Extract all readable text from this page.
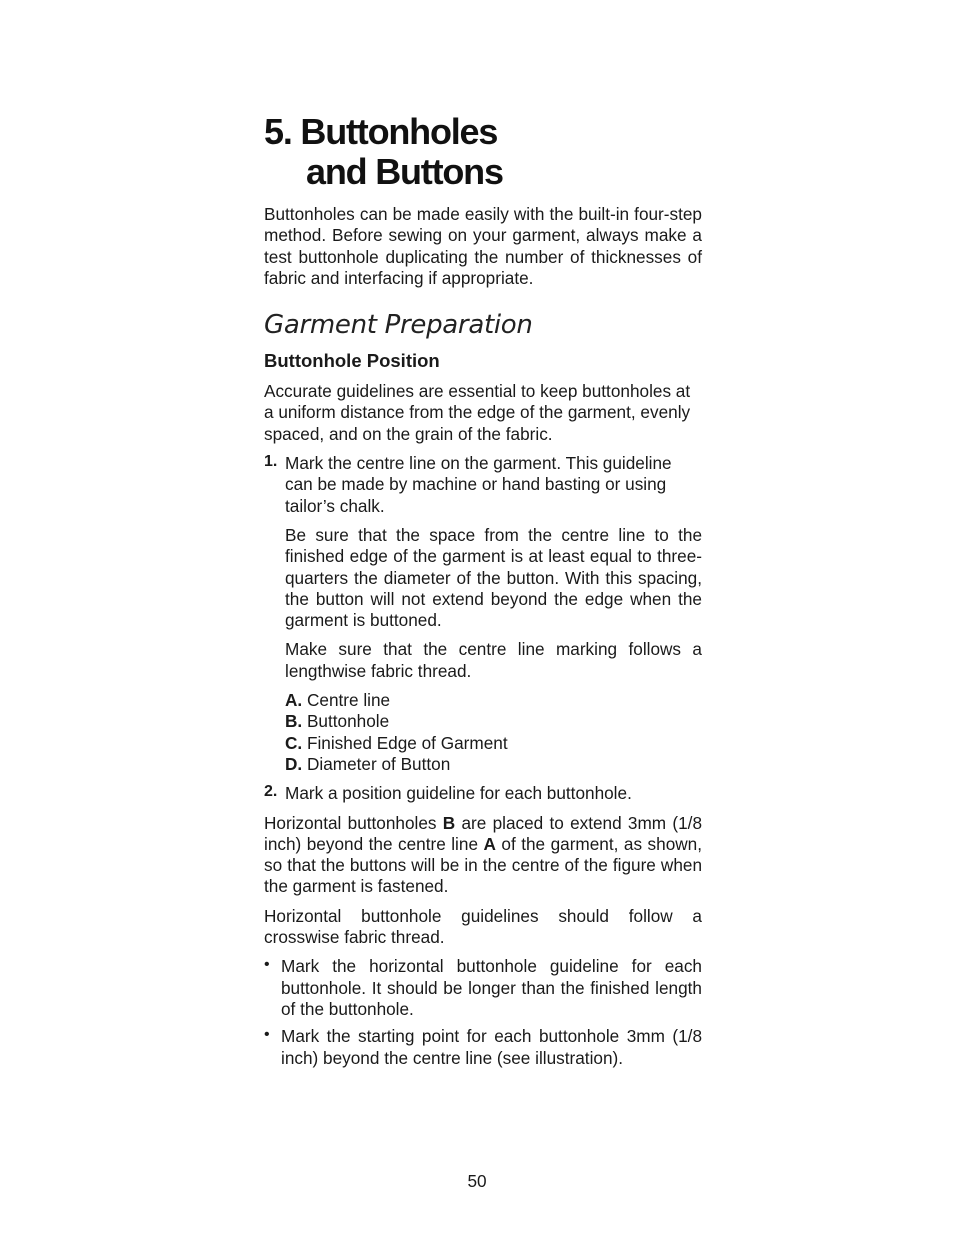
5. Buttonholes
and Buttons

Buttonholes can be made easily with the built-in four-step method. Before sewing on your garment, always make a test buttonhole duplicating the number of thicknesses of fabric and interfacing if appropriate.

Garment Preparation
Buttonhole Position

Accurate guidelines are essential to keep buttonholes at a uniform distance from the edge of the garment, evenly spaced, and on the grain of the fabric.

1. Mark the centre line on the garment. This guideline can be made by machine or hand basting or using tailor’s chalk.

Be sure that the space from the centre line to the finished edge of the garment is at least equal to three-quarters the diameter of the button. With this spacing, the button will not extend beyond the edge when the garment is buttoned.

Make sure that the centre line marking follows a lengthwise fabric thread.

A. Centre line
B. Buttonhole
C. Finished Edge of Garment
D. Diameter of Button
2. Mark a position guideline for each buttonhole.

Horizontal buttonholes B are placed to extend 3mm (1/8 inch) beyond the centre line A of the garment, as shown, so that the buttons will be in the centre of the figure when the garment is fastened.

Horizontal buttonhole guidelines should follow a crosswise fabric thread.

• Mark the horizontal buttonhole guideline for each buttonhole. It should be longer than the finished length of the buttonhole.

• Mark the starting point for each buttonhole 3mm (1/8 inch) beyond the centre line (see illustration).

50
